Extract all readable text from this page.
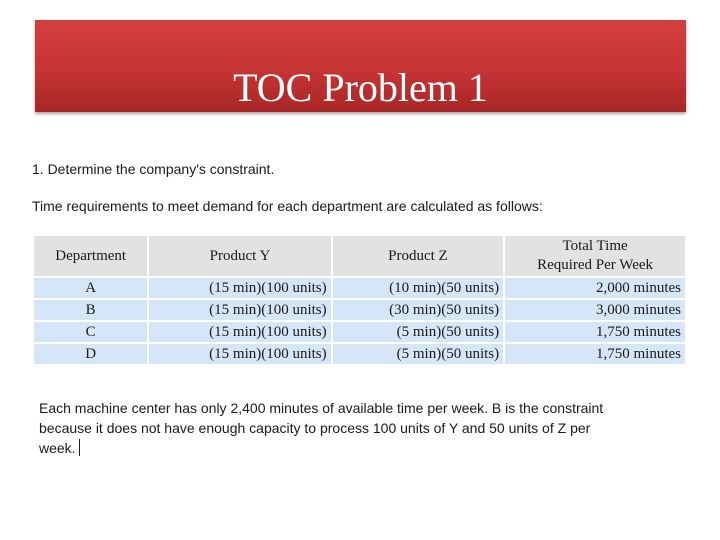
TOC Problem 1
1. Determine the company's constraint.
Time requirements to meet demand for each department are calculated as follows:
Department	Product Y	Product Z	Total Time
Required Per Week
A	(15 min)(100 units)	(10 min)(50 units)	2,000 minutes
B	(15 min)(100 units)	(30 min)(50 units)	3,000 minutes
C	(15 min)(100 units)	(5 min)(50 units)	1,750 minutes
D	(15 min)(100 units)	(5 min)(50 units)	1,750 minutes
Each machine center has only 2,400 minutes of available time per week. B is the constraint because it does not have enough capacity to process 100 units of Y and 50 units of Z per week.
